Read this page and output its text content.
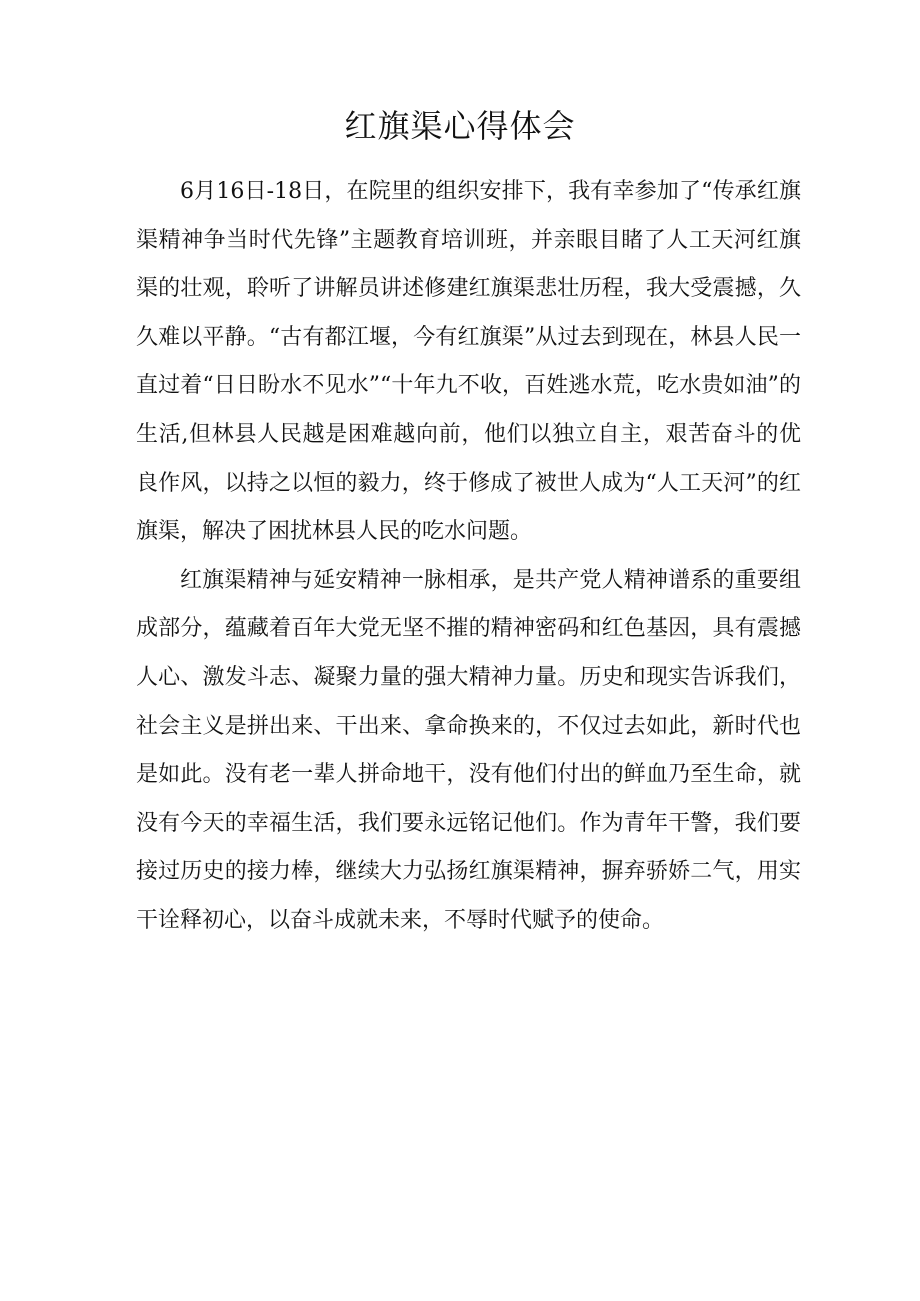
红旗渠心得体会

6月16日-18日，在院里的组织安排下，我有幸参加了“传承红旗渠精神争当时代先锋”主题教育培训班，并亲眼目睹了人工天河红旗渠的壮观，聆听了讲解员讲述修建红旗渠悲壮历程，我大受震撼，久久难以平静。“古有都江堰，今有红旗渠”从过去到现在，林县人民一直过着“日日盼水不见水”“十年九不收，百姓逃水荒，吃水贵如油”的生活,但林县人民越是困难越向前，他们以独立自主，艰苦奋斗的优良作风，以持之以恒的毅力，终于修成了被世人成为“人工天河”的红旗渠，解决了困扰林县人民的吃水问题。

红旗渠精神与延安精神一脉相承，是共产党人精神谱系的重要组成部分，蕴藏着百年大党无坚不摧的精神密码和红色基因，具有震撼人心、激发斗志、凝聚力量的强大精神力量。历史和现实告诉我们，社会主义是拼出来、干出来、拿命换来的，不仅过去如此，新时代也是如此。没有老一辈人拼命地干，没有他们付出的鲜血乃至生命，就没有今天的幸福生活，我们要永远铭记他们。作为青年干警，我们要接过历史的接力棒，继续大力弘扬红旗渠精神，摒弃骄娇二气，用实干诠释初心，以奋斗成就未来，不辱时代赋予的使命。
